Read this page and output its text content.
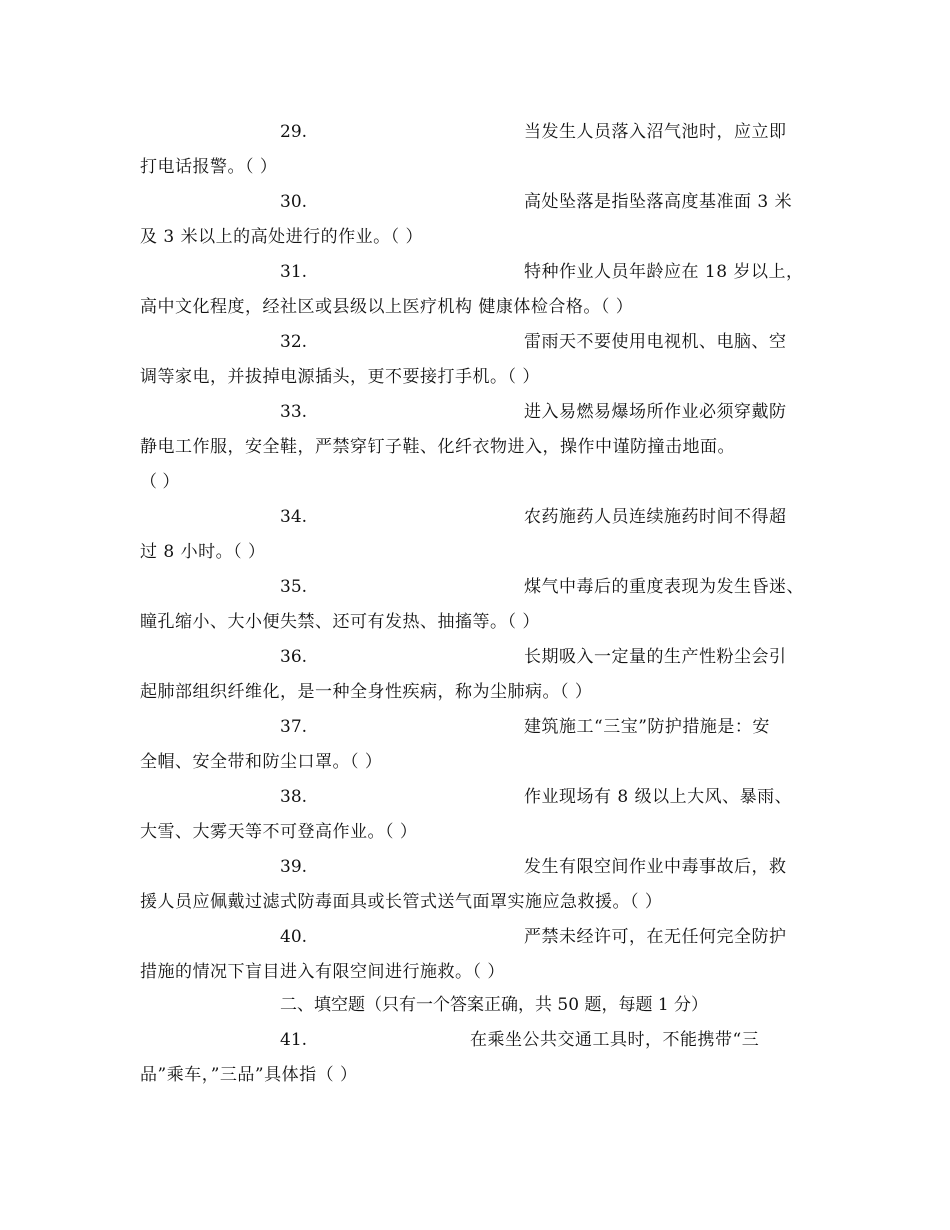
29.	当发生人员落入沼气池时，应立即
打电话报警。（ ）
30.	高处坠落是指坠落高度基准面 3 米
及 3 米以上的高处进行的作业。（ ）
31.	特种作业人员年龄应在 18 岁以上，
高中文化程度，经社区或县级以上医疗机构 健康体检合格。（ ）
32.	雷雨天不要使用电视机、电脑、空
调等家电，并拔掉电源插头，更不要接打手机。（ ）
33.	进入易燃易爆场所作业必须穿戴防
静电工作服，安全鞋，严禁穿钉子鞋、化纤衣物进入，操作中谨防撞击地面。
（ ）
34.	农药施药人员连续施药时间不得超
过 8 小时。（ ）
35.	煤气中毒后的重度表现为发生昏迷、
瞳孔缩小、大小便失禁、还可有发热、抽搐等。（ ）
36.	长期吸入一定量的生产性粉尘会引
起肺部组织纤维化，是一种全身性疾病，称为尘肺病。（ ）
37.	建筑施工“三宝”防护措施是：安
全帽、安全带和防尘口罩。（ ）
38.	作业现场有 8 级以上大风、暴雨、
大雪、大雾天等不可登高作业。（ ）
39.	发生有限空间作业中毒事故后，救
援人员应佩戴过滤式防毒面具或长管式送气面罩实施应急救援。（ ）
40.	严禁未经许可，在无任何完全防护
措施的情况下盲目进入有限空间进行施救。（ ）
二、填空题（只有一个答案正确，共 50 题，每题 1 分）
41.	在乘坐公共交通工具时，不能携带“三
品”乘车，”三品”具体指（ ）
